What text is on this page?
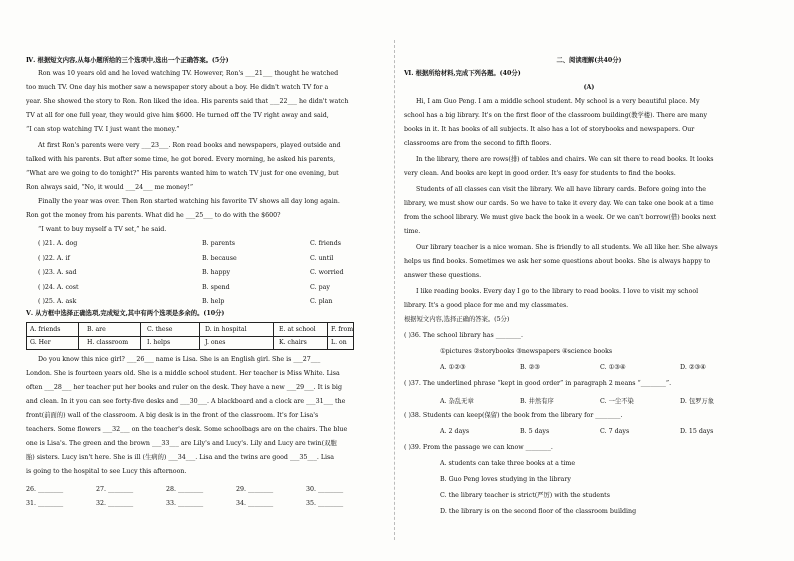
Ⅳ. 根据短文内容,从每小题所给的三个选项中,选出一个正确答案。(5分)
Ron was 10 years old and he loved watching TV. However, Ron's ___21___ thought he watched
too much TV. One day his mother saw a newspaper story about a boy. He didn't watch TV for a
year. She showed the story to Ron. Ron liked the idea. His parents said that ___22___ he didn't watch
TV at all for one full year, they would give him $600. He turned off the TV right away and said,
“I can stop watching TV. I just want the money.”
At first Ron's parents were very ___23___. Ron read books and newspapers, played outside and
talked with his parents. But after some time, he got bored. Every morning, he asked his parents,
“What are we going to do tonight?” His parents wanted him to watch TV just for one evening, but
Ron always said, “No, it would ___24___ me money!”
Finally the year was over. Then Ron started watching his favorite TV shows all day long again.
Ron got the money from his parents. What did he ___25___ to do with the $600?
“I want to buy myself a TV set,” he said.
( )21. A. dog	B. parents	C. friends
( )22. A. if	B. because	C. until
( )23. A. sad	B. happy	C. worried
( )24. A. cost	B. spend	C. pay
( )25. A. ask	B. help	C. plan
Ⅴ. 从方框中选择正确选项,完成短文,其中有两个选项是多余的。(10分)
A. friends	B. are	C. these	D. in hospital	E. at school F. from
G. Her	H. classroom	I. helps	J. ones	K. chairs	L. on
Do you know this nice girl? ___26___ name is Lisa. She is an English girl. She is ___27___
London. She is fourteen years old. She is a middle school student. Her teacher is Miss White. Lisa
often ___28___ her teacher put her books and ruler on the desk. They have a new ___29___. It is big
and clean. In it you can see forty-five desks and ___30___. A blackboard and a clock are ___31___ the
front(前面的) wall of the classroom. A big desk is in the front of the classroom. It's for Lisa's
teachers. Some flowers ___32___ on the teacher's desk. Some schoolbags are on the chairs. The blue
one is Lisa's. The green and the brown ___33___ are Lily's and Lucy's. Lily and Lucy are twin(双胞
胎) sisters. Lucy isn't here. She is ill (生病的) ___34___. Lisa and the twins are good ___35___. Lisa
is going to the hospital to see Lucy this afternoon.
26. ________	27. ________	28. ________	29. ________	30. ________
31. ________	32. ________	33. ________	34. ________	35. ________
二、阅读理解(共40分)
Ⅵ. 根据所给材料,完成下列各题。(40分)
(A)
Hi, I am Guo Peng. I am a middle school student. My school is a very beautiful place. My
school has a big library. It's on the first floor of the classroom building(教学楼). There are many
books in it. It has books of all subjects. It also has a lot of storybooks and newspapers. Our
classrooms are from the second to fifth floors.
In the library, there are rows(排) of tables and chairs. We can sit there to read books. It looks
very clean. And books are kept in good order. It's easy for students to find the books.
Students of all classes can visit the library. We all have library cards. Before going into the
library, we must show our cards. So we have to take it every day. We can take one book at a time
from the school library. We must give back the book in a week. Or we can't borrow(借) books next
time.
Our library teacher is a nice woman. She is friendly to all students. We all like her. She always
helps us find books. Sometimes we ask her some questions about books. She is always happy to
answer these questions.
I like reading books. Every day I go to the library to read books. I love to visit my school
library. It's a good place for me and my classmates.
根据短文内容,选择正确的答案。(5分)
( )36. The school library has ________.
①pictures ②storybooks ③newspapers ④science books
A. ①②③	B. ②③	C. ①③④	D. ②③④
( )37. The underlined phrase “kept in good order” in paragraph 2 means “________”.
A. 杂乱无章	B. 井然有序	C. 一尘不染	D. 包罗万象
( )38. Students can keep(保留) the book from the library for ________.
A. 2 days	B. 5 days	C. 7 days	D. 15 days
( )39. From the passage we can know ________.
A. students can take three books at a time
B. Guo Peng loves studying in the library
C. the library teacher is strict(严厉) with the students
D. the library is on the second floor of the classroom building
